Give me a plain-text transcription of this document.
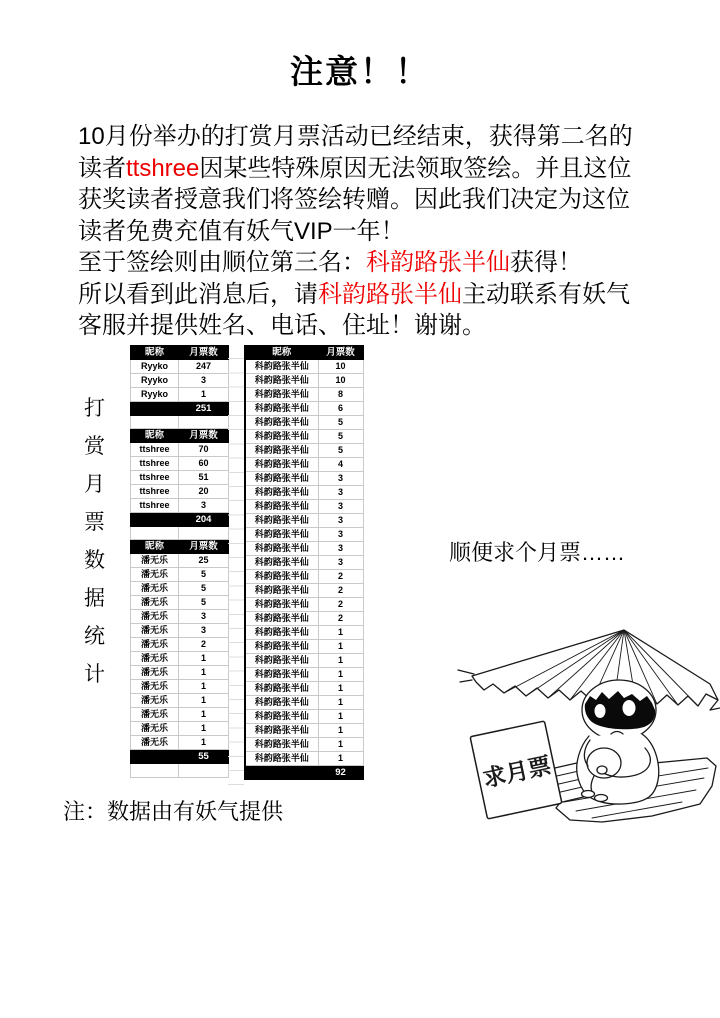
注意！！
10月份举办的打赏月票活动已经结束，获得第二名的
读者ttshree因某些特殊原因无法领取签绘。并且这位
获奖读者授意我们将签绘转赠。因此我们决定为这位
读者免费充值有妖气VIP一年！
至于签绘则由顺位第三名：科韵路张半仙获得！
所以看到此消息后，请科韵路张半仙主动联系有妖气
客服并提供姓名、电话、住址！谢谢。
打
赏
月
票
数
据
统
计
昵称	月票数
Ryyko	247
Ryyko	3
Ryyko	1
	251

昵称	月票数
ttshree	70
ttshree	60
ttshree	51
ttshree	20
ttshree	3
	204

昵称	月票数
潘无乐	25
潘无乐	5
潘无乐	5
潘无乐	5
潘无乐	3
潘无乐	3
潘无乐	2
潘无乐	1
潘无乐	1
潘无乐	1
潘无乐	1
潘无乐	1
潘无乐	1
潘无乐	1
	55

昵称	月票数
科韵路张半仙	10
科韵路张半仙	10
科韵路张半仙	8
科韵路张半仙	6
科韵路张半仙	5
科韵路张半仙	5
科韵路张半仙	5
科韵路张半仙	4
科韵路张半仙	3
科韵路张半仙	3
科韵路张半仙	3
科韵路张半仙	3
科韵路张半仙	3
科韵路张半仙	3
科韵路张半仙	3
科韵路张半仙	2
科韵路张半仙	2
科韵路张半仙	2
科韵路张半仙	2
科韵路张半仙	1
科韵路张半仙	1
科韵路张半仙	1
科韵路张半仙	1
科韵路张半仙	1
科韵路张半仙	1
科韵路张半仙	1
科韵路张半仙	1
科韵路张半仙	1
科韵路张半仙	1
	92
顺便求个月票……
注：数据由有妖气提供
求月票
